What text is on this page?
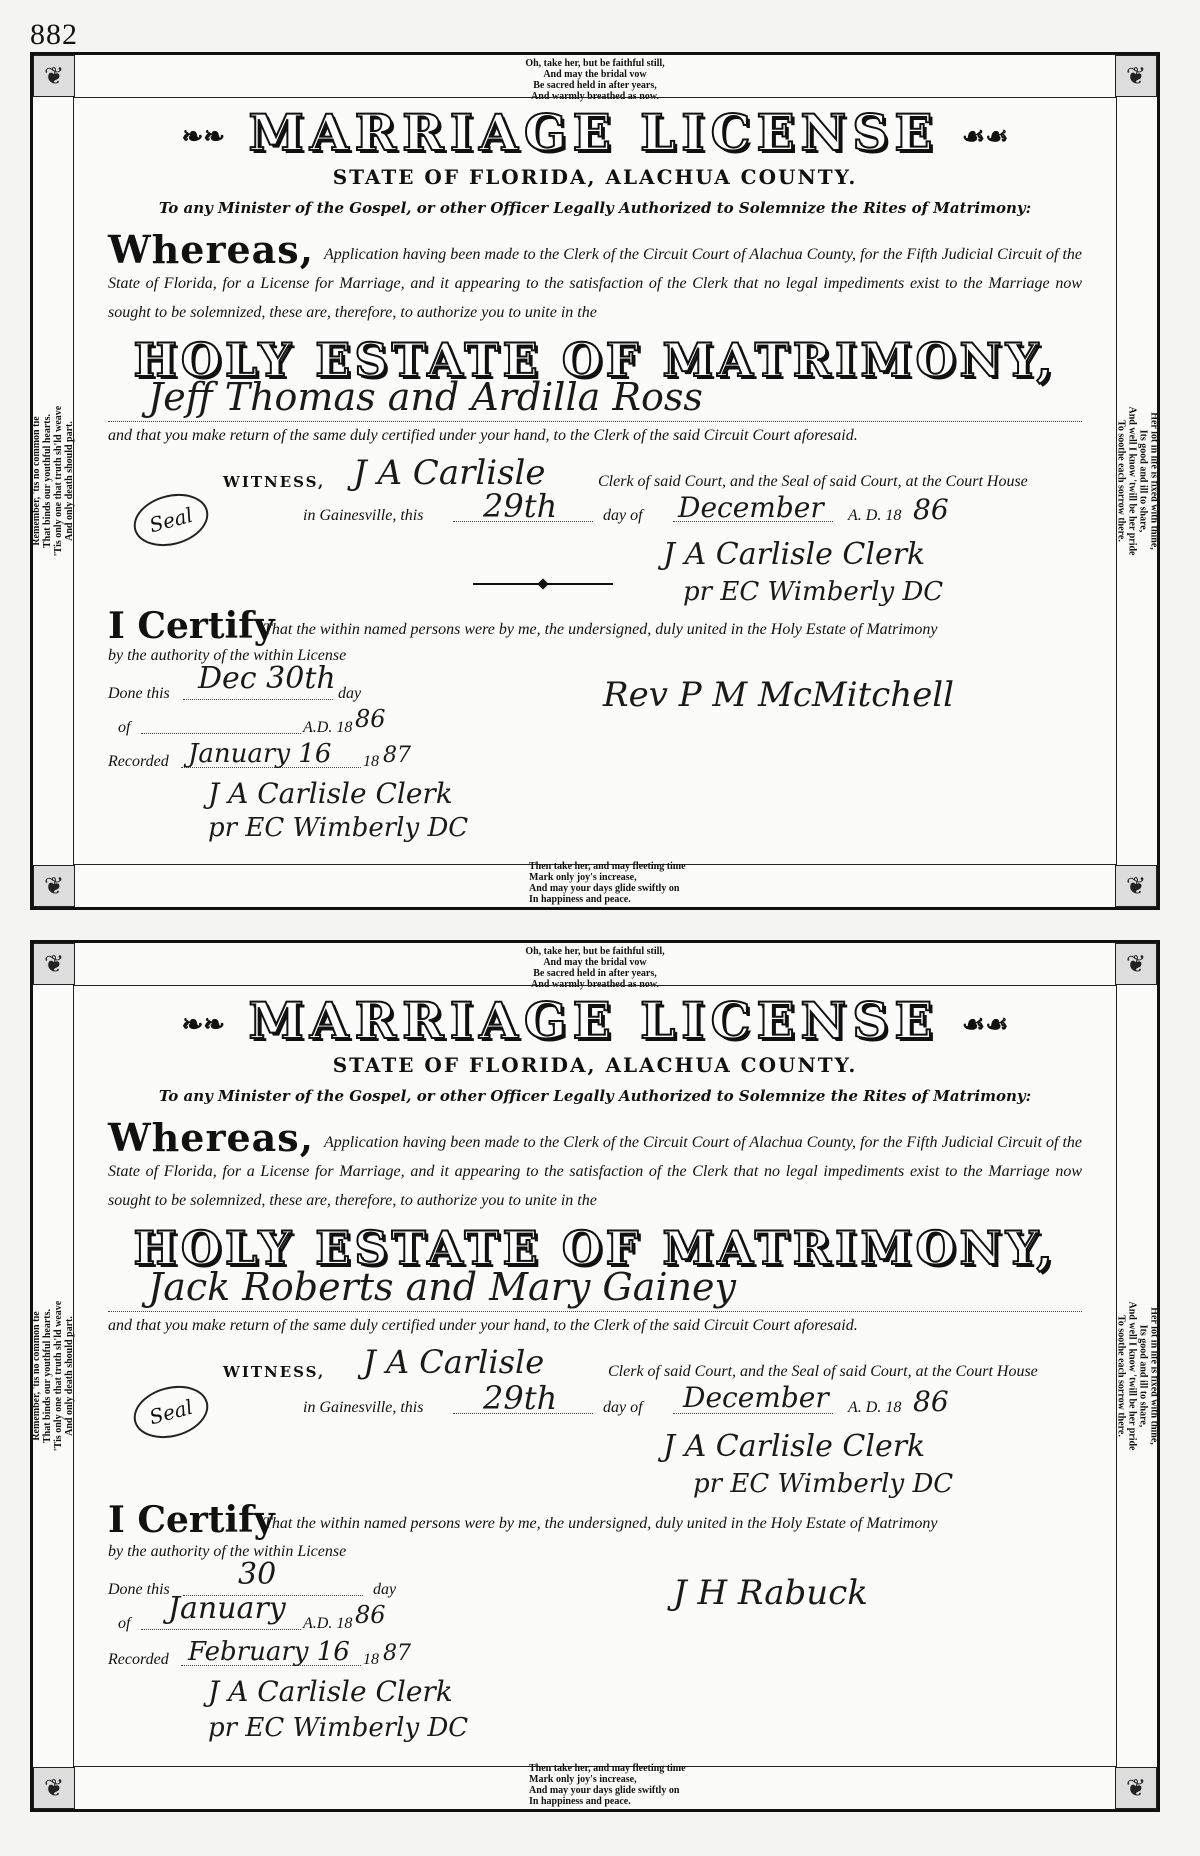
882
❦	❦
❦	❦
Oh, take her, but be faithful still,
And may the bridal vow
Be sacred held in after years,
And warmly breathed as now.
Remember, 'tis no common tie That binds our youthful hearts. 'Tis only one that truth sh'ld weave And only death should part.	Her lot in life is fixed with thine,
Its good and ill to share,
And well I know 'twill be her pride
To soothe each sorrow there.
❧❧ MARRIAGE LICENSE ☙☙
STATE OF FLORIDA, ALACHUA COUNTY.
To any Minister of the Gospel, or other Officer Legally Authorized to Solemnize the Rites of Matrimony:
Whereas, Application having been made to the Clerk of the Circuit Court of Alachua County, for the Fifth Judicial Circuit of the State of Florida, for a License for Marriage, and it appearing to the satisfaction of the Clerk that no legal impediments exist to the Marriage now sought to be solemnized, these are, therefore, to authorize you to unite in the
HOLY ESTATE OF MATRIMONY,
Jeff Thomas and Ardilla Ross
and that you make return of the same duly certified under your hand, to the Clerk of the said Circuit Court aforesaid.
WITNESS, J A Carlisle	Clerk of said Court, and the Seal of said Court, at the Court House
Seal	in Gainesville, this 29th	day of December A. D. 18 86
J A Carlisle Clerk
pr EC Wimberly DC
I Certify
That the within named persons were by me, the undersigned, duly united in the Holy Estate of Matrimony
by the authority of the within License
Done this Dec 30th day
of	A.D. 18 86
Rev P M McMitchell
Recorded January 16 18 87
J A Carlisle Clerk
pr EC Wimberly DC
Then take her, and may fleeting time
Mark only joy's increase,
And may your days glide swiftly on
In happiness and peace.
❦	❦
❦	❦
Oh, take her, but be faithful still,
And may the bridal vow
Be sacred held in after years,
And warmly breathed as now.
Remember, 'tis no common tie That binds our youthful hearts. 'Tis only one that truth sh'ld weave And only death should part.	Her lot in life is fixed with thine,
Its good and ill to share,
And well I know 'twill be her pride
To soothe each sorrow there.
❧❧ MARRIAGE LICENSE ☙☙
STATE OF FLORIDA, ALACHUA COUNTY.
To any Minister of the Gospel, or other Officer Legally Authorized to Solemnize the Rites of Matrimony:
Whereas, Application having been made to the Clerk of the Circuit Court of Alachua County, for the Fifth Judicial Circuit of the State of Florida, for a License for Marriage, and it appearing to the satisfaction of the Clerk that no legal impediments exist to the Marriage now sought to be solemnized, these are, therefore, to authorize you to unite in the
HOLY ESTATE OF MATRIMONY,
Jack Roberts and Mary Gainey
and that you make return of the same duly certified under your hand, to the Clerk of the said Circuit Court aforesaid.
WITNESS, J A Carlisle	Clerk of said Court, and the Seal of said Court, at the Court House
Seal	in Gainesville, this 29th	day of December A. D. 18 86
J A Carlisle Clerk
pr EC Wimberly DC
I Certify
That the within named persons were by me, the undersigned, duly united in the Holy Estate of Matrimony
by the authority of the within License
Done this 30	day
of January A.D. 18 86
J H Rabuck
Recorded February 16 18 87
J A Carlisle Clerk
pr EC Wimberly DC
Then take her, and may fleeting time
Mark only joy's increase,
And may your days glide swiftly on
In happiness and peace.
